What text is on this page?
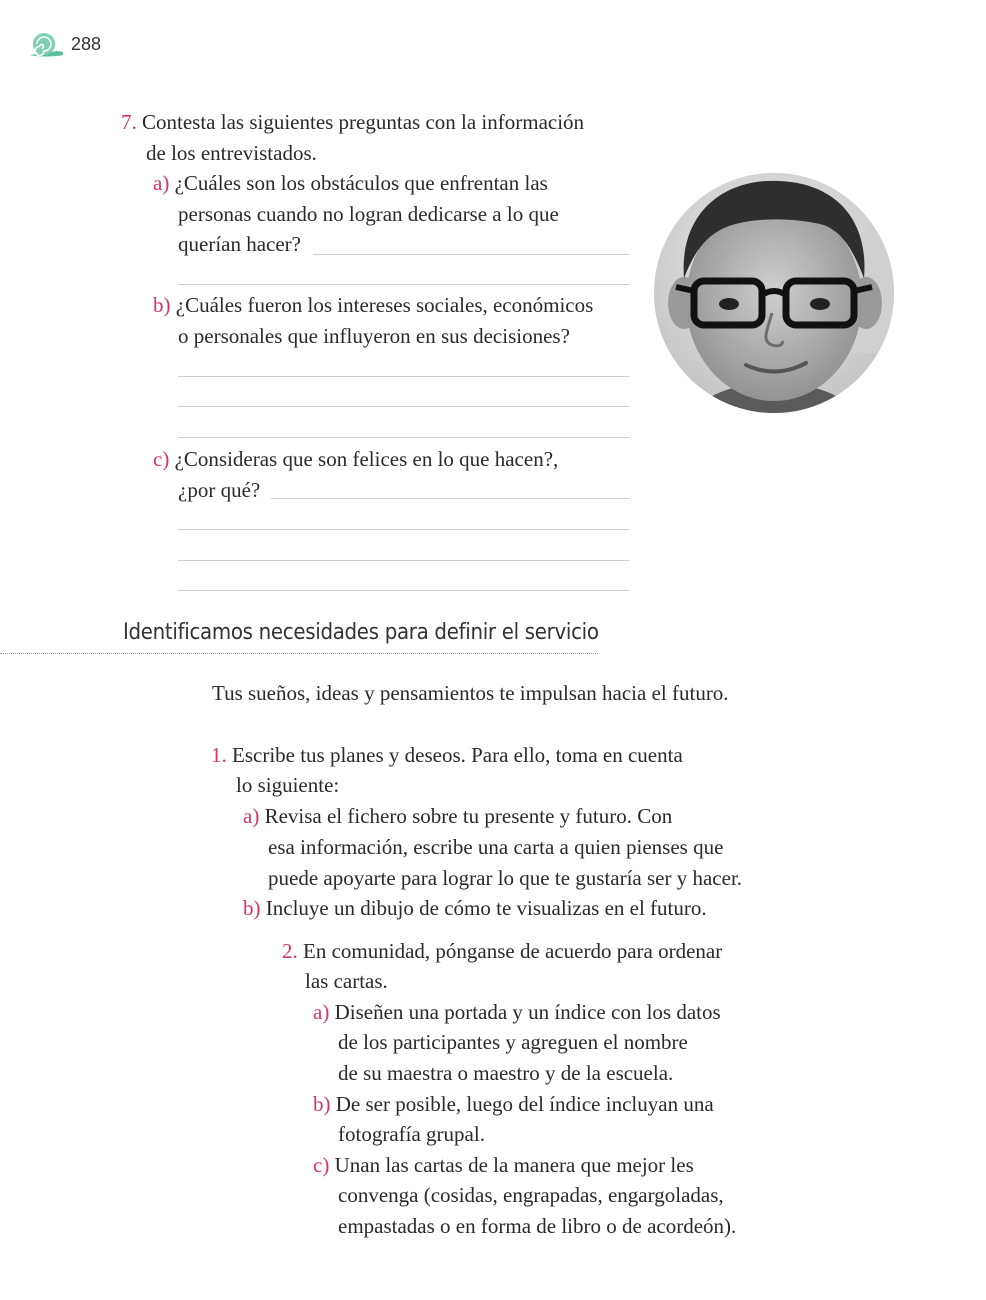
288
7. Contesta las siguientes preguntas con la información
de los entrevistados.
a) ¿Cuáles son los obstáculos que enfrentan las
personas cuando no logran dedicarse a lo que
querían hacer?
b) ¿Cuáles fueron los intereses sociales, económicos
o personales que influyeron en sus decisiones?
c) ¿Consideras que son felices en lo que hacen?,
¿por qué?
Identificamos necesidades para definir el servicio
Tus sueños, ideas y pensamientos te impulsan hacia el futuro.
1. Escribe tus planes y deseos. Para ello, toma en cuenta
lo siguiente:
a) Revisa el fichero sobre tu presente y futuro. Con
esa información, escribe una carta a quien pienses que
puede apoyarte para lograr lo que te gustaría ser y hacer.
b) Incluye un dibujo de cómo te visualizas en el futuro.
2. En comunidad, pónganse de acuerdo para ordenar
las cartas.
a) Diseñen una portada y un índice con los datos
de los participantes y agreguen el nombre
de su maestra o maestro y de la escuela.
b) De ser posible, luego del índice incluyan una
fotografía grupal.
c) Unan las cartas de la manera que mejor les
convenga (cosidas, engrapadas, engargoladas,
empastadas o en forma de libro o de acordeón).
